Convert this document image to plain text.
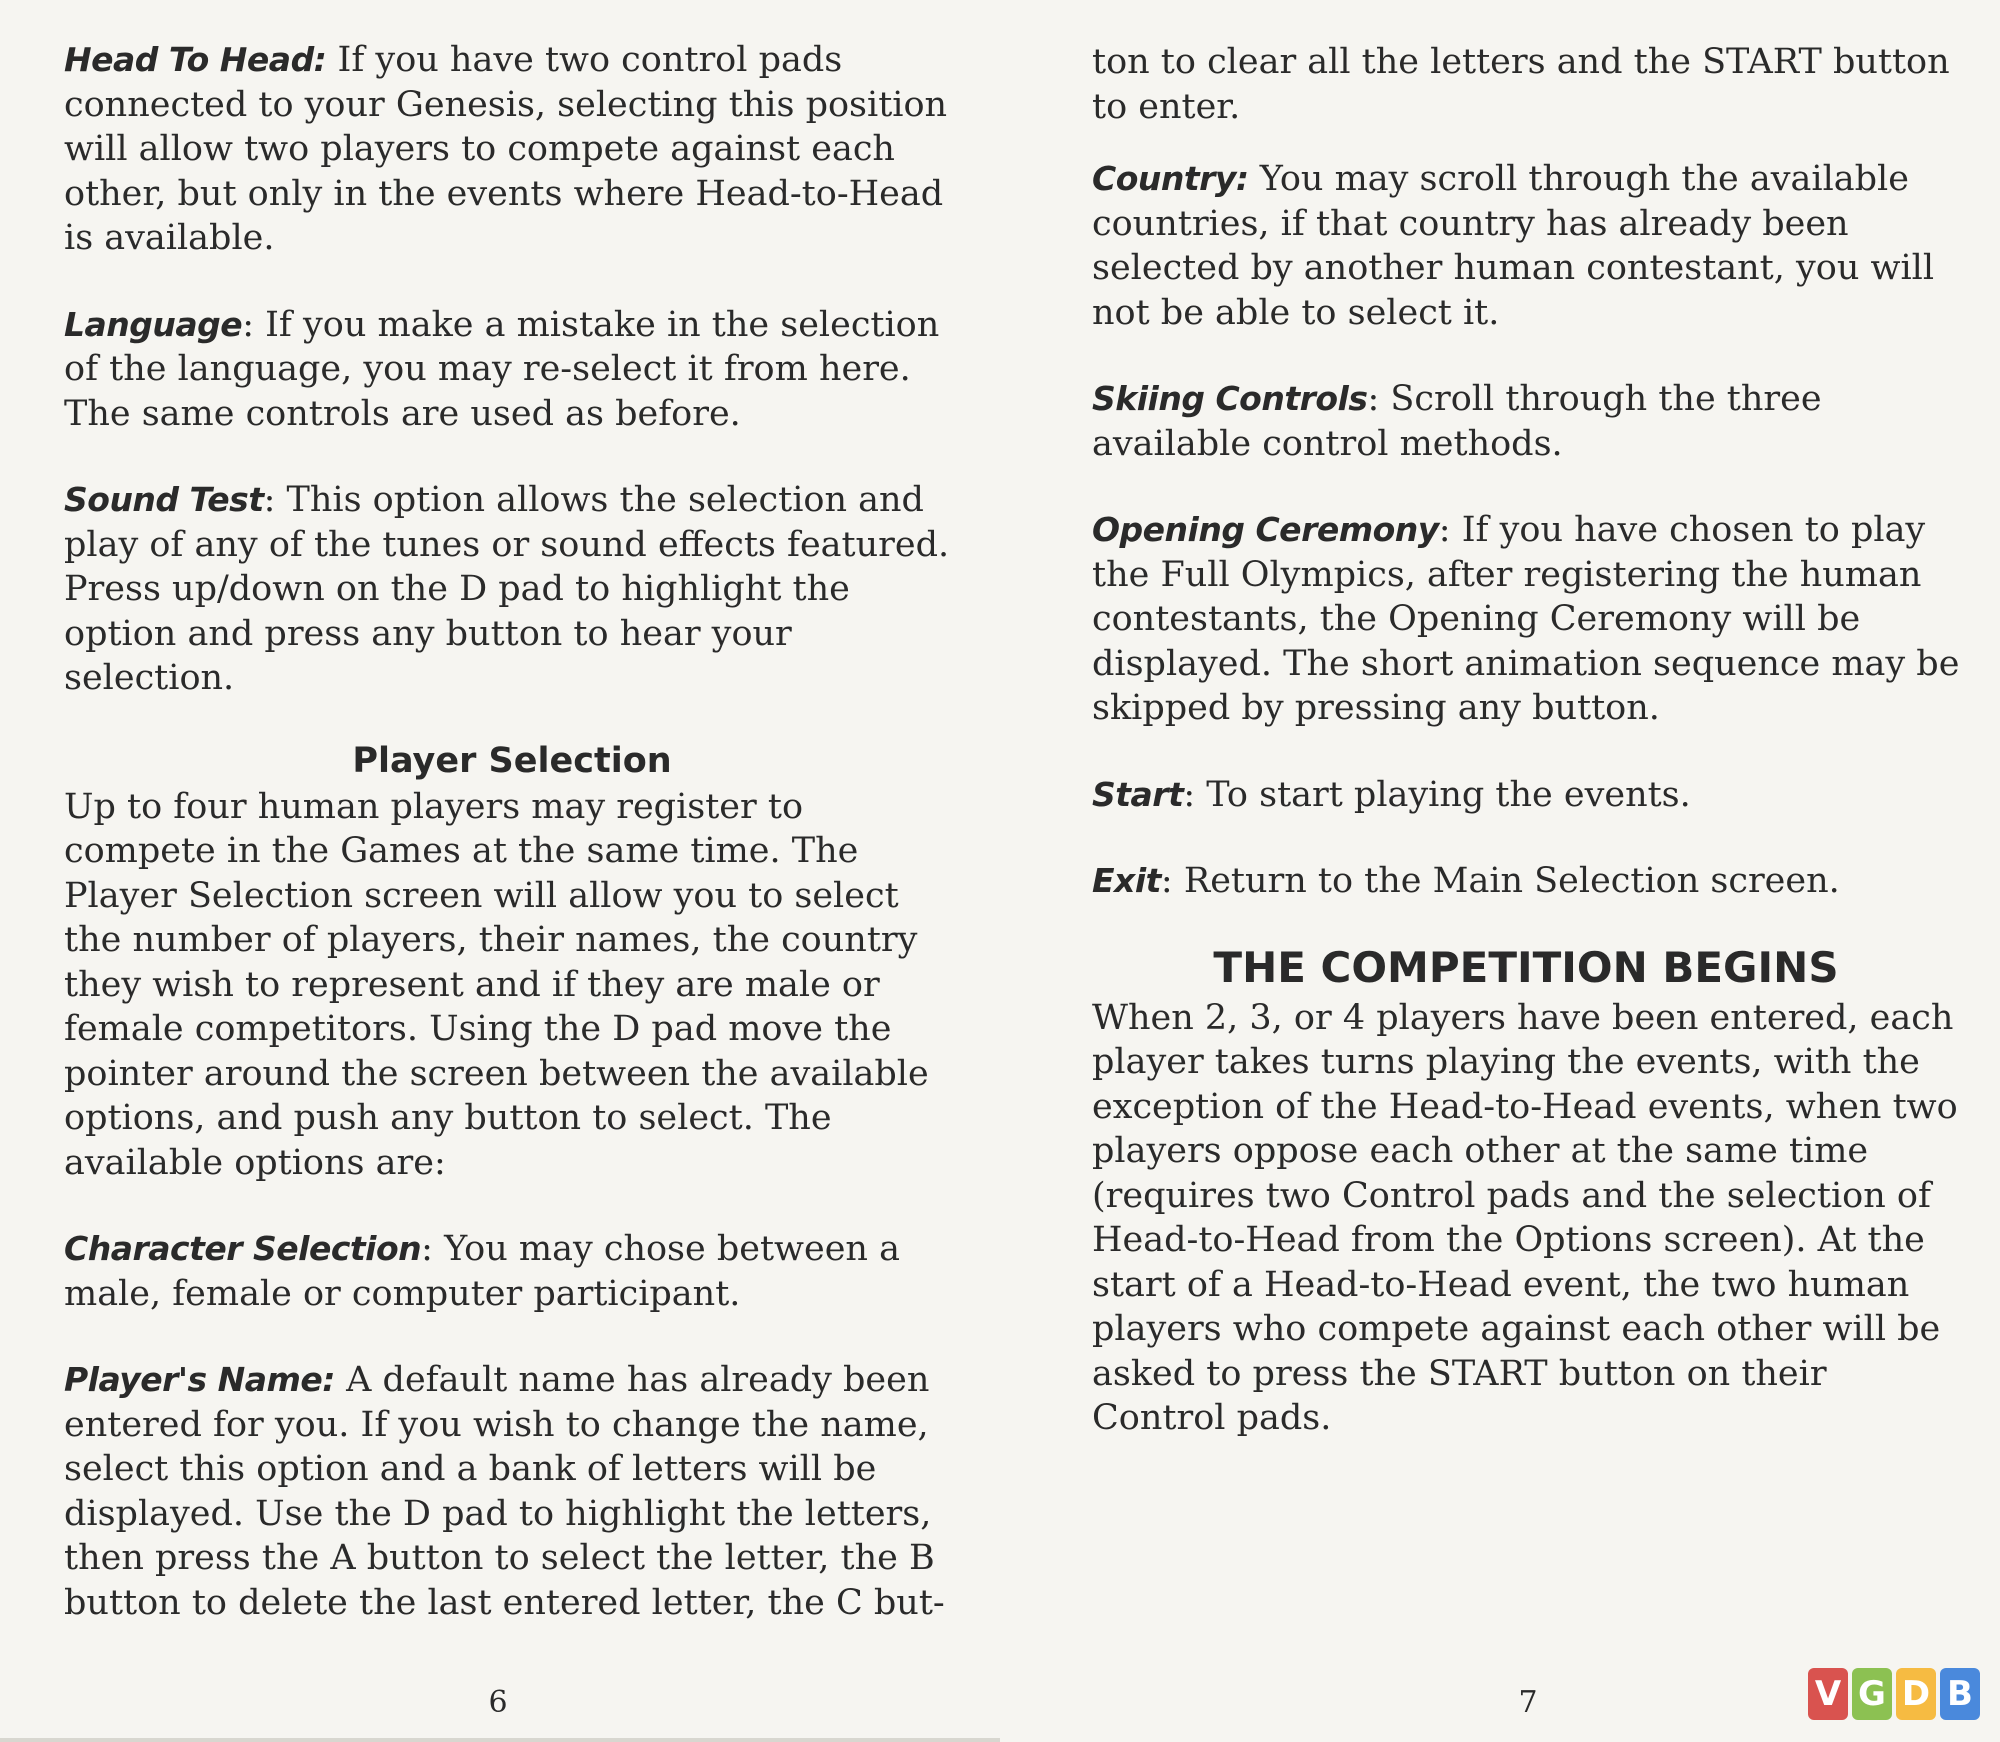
Head To Head: If you have two control pads connected to your Genesis, selecting this position will allow two players to compete against each other, but only in the events where Head-to-Head is available.

Language: If you make a mistake in the selection of the language, you may re-select it from here. The same controls are used as before.

Sound Test: This option allows the selection and play of any of the tunes or sound effects featured. Press up/down on the D pad to highlight the option and press any button to hear your selection.

Player Selection

Up to four human players may register to compete in the Games at the same time. The Player Selection screen will allow you to select the number of players, their names, the country they wish to represent and if they are male or female competitors. Using the D pad move the pointer around the screen between the available options, and push any button to select. The available options are:

Character Selection: You may chose between a male, female or computer participant.

Player's Name: A default name has already been entered for you. If you wish to change the name, select this option and a bank of letters will be displayed. Use the D pad to highlight the letters, then press the A button to select the letter, the B button to delete the last entered letter, the C but-

ton to clear all the letters and the START button to enter.

Country: You may scroll through the available countries, if that country has already been selected by another human contestant, you will not be able to select it.

Skiing Controls: Scroll through the three available control methods.

Opening Ceremony: If you have chosen to play the Full Olympics, after registering the human contestants, the Opening Ceremony will be displayed. The short animation sequence may be skipped by pressing any button.

Start: To start playing the events.

Exit: Return to the Main Selection screen.

THE COMPETITION BEGINS

When 2, 3, or 4 players have been entered, each player takes turns playing the events, with the exception of the Head-to-Head events, when two players oppose each other at the same time (requires two Control pads and the selection of Head-to-Head from the Options screen). At the start of a Head-to-Head event, the two human players who compete against each other will be asked to press the START button on their Control pads.

6	7	V G D B
